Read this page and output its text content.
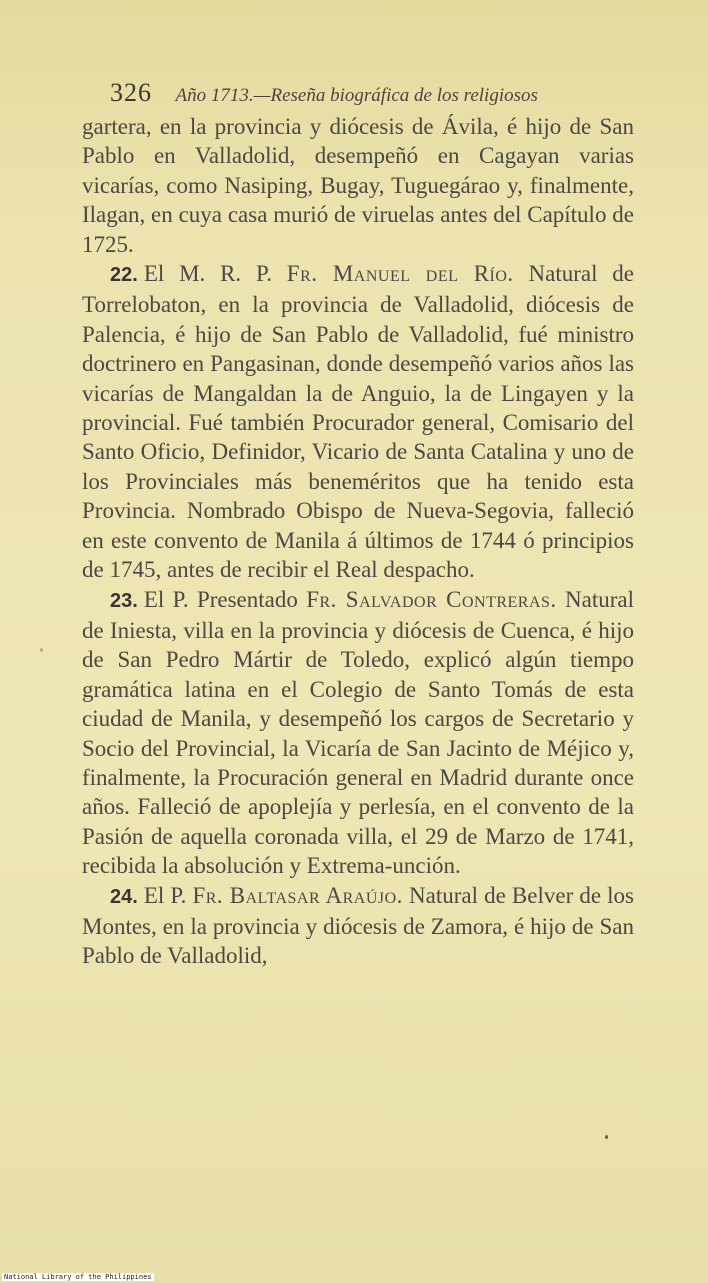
326 Año 1713.—Reseña biográfica de los religiosos

gartera, en la provincia y diócesis de Ávila, é hijo de San Pablo en Valladolid, desempeñó en Cagayan varias vicarías, como Nasiping, Bugay, Tuguegárao y, finalmente, Ilagan, en cuya casa murió de viruelas antes del Capítulo de 1725.

22. El M. R. P. Fr. Manuel del Río. Natural de Torrelobaton, en la provincia de Valladolid, diócesis de Palencia, é hijo de San Pablo de Valladolid, fué ministro doctrinero en Pangasinan, donde desempeñó varios años las vicarías de Mangaldan la de Anguio, la de Lingayen y la provincial. Fué también Procurador general, Comisario del Santo Oficio, Definidor, Vicario de Santa Catalina y uno de los Provinciales más beneméritos que ha tenido esta Provincia. Nombrado Obispo de Nueva-Segovia, falleció en este convento de Manila á últimos de 1744 ó principios de 1745, antes de recibir el Real despacho.

23. El P. Presentado Fr. Salvador Contreras. Natural de Iniesta, villa en la provincia y diócesis de Cuenca, é hijo de San Pedro Mártir de Toledo, explicó algún tiempo gramática latina en el Colegio de Santo Tomás de esta ciudad de Manila, y desempeñó los cargos de Secretario y Socio del Provincial, la Vicaría de San Jacinto de Méjico y, finalmente, la Procuración general en Madrid durante once años. Falleció de apoplejía y perlesía, en el convento de la Pasión de aquella coronada villa, el 29 de Marzo de 1741, recibida la absolución y Extrema-unción.

24. El P. Fr. Baltasar Araújo. Natural de Belver de los Montes, en la provincia y diócesis de Zamora, é hijo de San Pablo de Valladolid,

National Library of the Philippines
